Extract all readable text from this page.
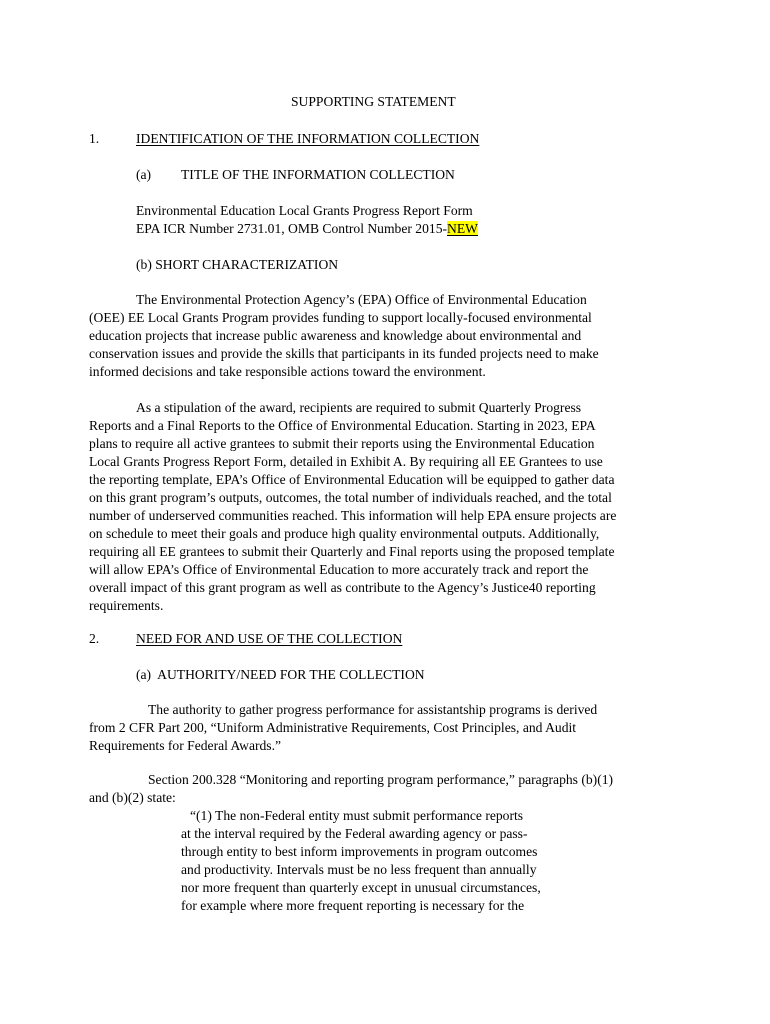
SUPPORTING STATEMENT
1.	IDENTIFICATION OF THE INFORMATION COLLECTION
(a) TITLE OF THE INFORMATION COLLECTION
Environmental Education Local Grants Progress Report Form
EPA ICR Number 2731.01, OMB Control Number 2015-NEW
(b) SHORT CHARACTERIZATION
The Environmental Protection Agency’s (EPA) Office of Environmental Education
(OEE) EE Local Grants Program provides funding to support locally-focused environmental
education projects that increase public awareness and knowledge about environmental and
conservation issues and provide the skills that participants in its funded projects need to make
informed decisions and take responsible actions toward the environment.
As a stipulation of the award, recipients are required to submit Quarterly Progress
Reports and a Final Reports to the Office of Environmental Education. Starting in 2023, EPA
plans to require all active grantees to submit their reports using the Environmental Education
Local Grants Progress Report Form, detailed in Exhibit A. By requiring all EE Grantees to use
the reporting template, EPA’s Office of Environmental Education will be equipped to gather data
on this grant program’s outputs, outcomes, the total number of individuals reached, and the total
number of underserved communities reached. This information will help EPA ensure projects are
on schedule to meet their goals and produce high quality environmental outputs. Additionally,
requiring all EE grantees to submit their Quarterly and Final reports using the proposed template
will allow EPA’s Office of Environmental Education to more accurately track and report the
overall impact of this grant program as well as contribute to the Agency’s Justice40 reporting
requirements.
2.	NEED FOR AND USE OF THE COLLECTION
(a)  AUTHORITY/NEED FOR THE COLLECTION
The authority to gather progress performance for assistantship programs is derived
from 2 CFR Part 200, “Uniform Administrative Requirements, Cost Principles, and Audit
Requirements for Federal Awards.”
Section 200.328 “Monitoring and reporting program performance,” paragraphs (b)(1)
and (b)(2) state:
“(1) The non-Federal entity must submit performance reports
at the interval required by the Federal awarding agency or pass-
through entity to best inform improvements in program outcomes
and productivity. Intervals must be no less frequent than annually
nor more frequent than quarterly except in unusual circumstances,
for example where more frequent reporting is necessary for the
